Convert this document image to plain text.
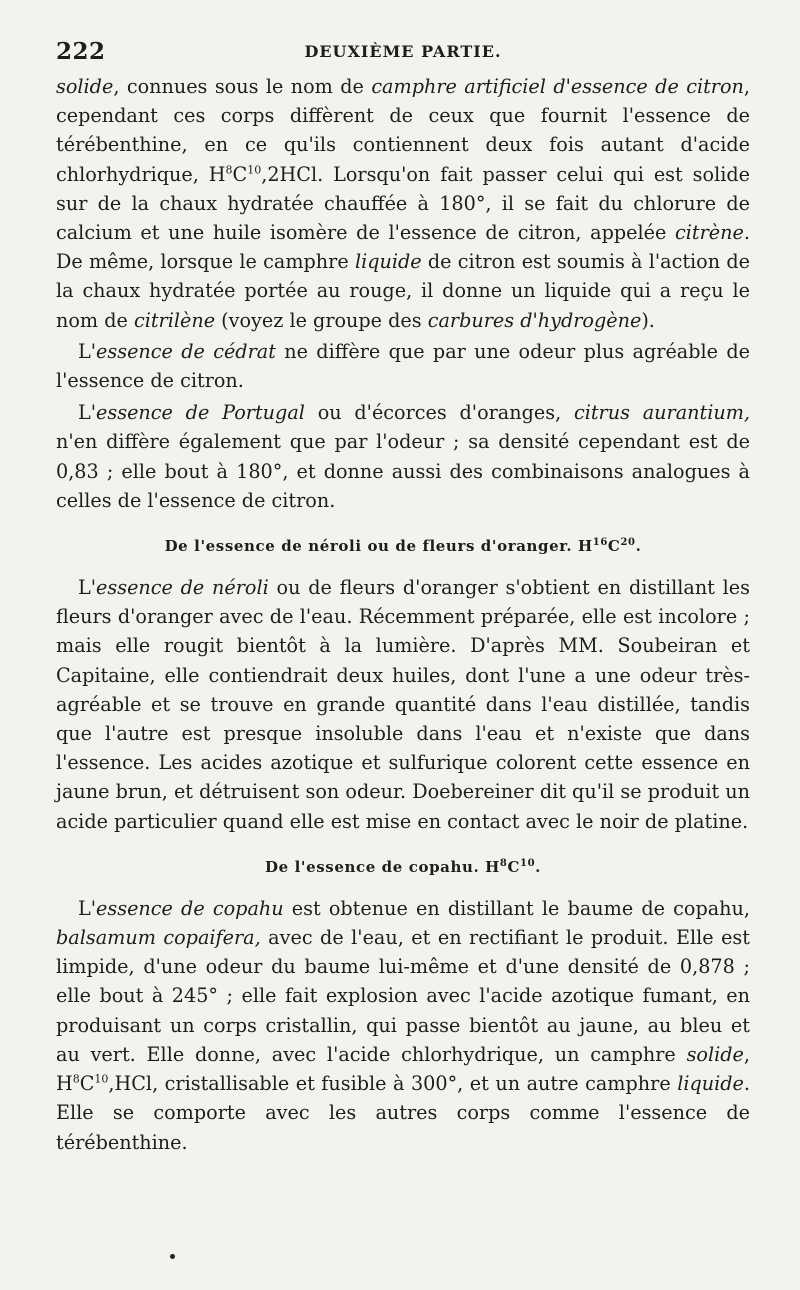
222	DEUXIÈME PARTIE.

solide, connues sous le nom de camphre artificiel d'essence de citron, cependant ces corps diffèrent de ceux que fournit l'essence de térébenthine, en ce qu'ils contiennent deux fois autant d'acide chlorhydrique, $H^8C^{10},2HCl$. Lorsqu'on fait passer celui qui est solide sur de la chaux hydratée chauffée à 180°, il se fait du chlorure de calcium et une huile isomère de l'essence de citron, appelée citrène. De même, lorsque le camphre liquide de citron est soumis à l'action de la chaux hydratée portée au rouge, il donne un liquide qui a reçu le nom de citrilène (voyez le groupe des carbures d'hydrogène).

L'essence de cédrat ne diffère que par une odeur plus agréable de l'essence de citron.

L'essence de Portugal ou d'écorces d'oranges, citrus aurantium, n'en diffère également que par l'odeur ; sa densité cependant est de 0,83 ; elle bout à 180°, et donne aussi des combinaisons analogues à celles de l'essence de citron.

De l'essence de néroli ou de fleurs d'oranger. $H^{16}C^{20}$.

L'essence de néroli ou de fleurs d'oranger s'obtient en distillant les fleurs d'oranger avec de l'eau. Récemment préparée, elle est incolore ; mais elle rougit bientôt à la lumière. D'après MM. Soubeiran et Capitaine, elle contiendrait deux huiles, dont l'une a une odeur très-agréable et se trouve en grande quantité dans l'eau distillée, tandis que l'autre est presque insoluble dans l'eau et n'existe que dans l'essence. Les acides azotique et sulfurique colorent cette essence en jaune brun, et détruisent son odeur. Doebereiner dit qu'il se produit un acide particulier quand elle est mise en contact avec le noir de platine.

De l'essence de copahu. $H^8C^{10}$.

L'essence de copahu est obtenue en distillant le baume de copahu, balsamum copaifera, avec de l'eau, et en rectifiant le produit. Elle est limpide, d'une odeur du baume lui-même et d'une densité de 0,878 ; elle bout à 245° ; elle fait explosion avec l'acide azotique fumant, en produisant un corps cristallin, qui passe bientôt au jaune, au bleu et au vert. Elle donne, avec l'acide chlorhydrique, un camphre solide, $H^8C^{10},HCl$, cristallisable et fusible à 300°, et un autre camphre liquide. Elle se comporte avec les autres corps comme l'essence de térébenthine.
